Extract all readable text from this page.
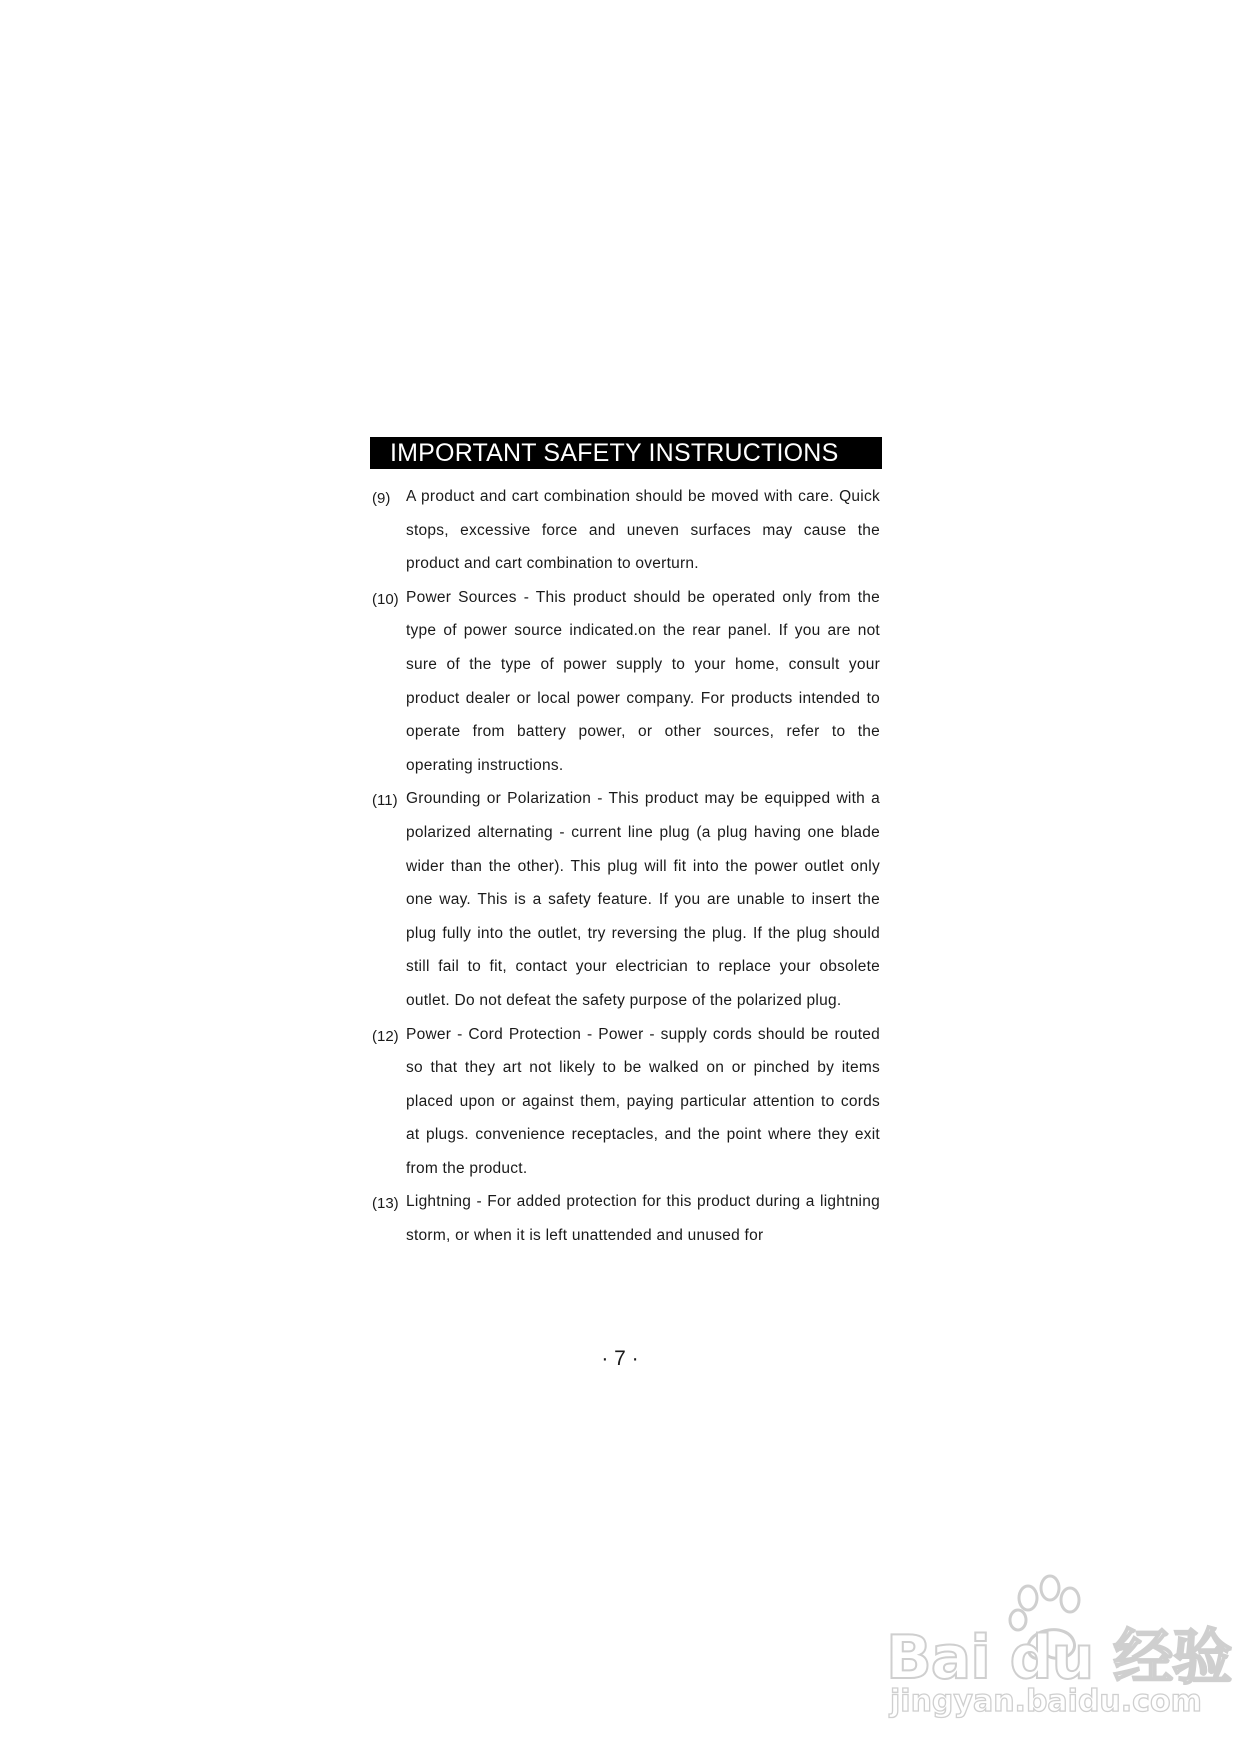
IMPORTANT SAFETY INSTRUCTIONS
(9)	A product and cart combination should be moved with care. Quick stops, excessive force and uneven surfaces may cause the product and cart combination to overturn.
(10) Power Sources - This product should be operated only from the type of power source indicated.on the rear panel. If you are not sure of the type of power supply to your home, consult your product dealer or local power company. For products intended to operate from battery power, or other sources, refer to the operating instructions.
(11) Grounding or Polarization - This product may be equipped with a polarized alternating - current line plug (a plug having one blade wider than the other). This plug will fit into the power outlet only one way. This is a safety feature. If you are unable to insert the plug fully into the outlet, try reversing the plug. If the plug should still fail to fit, contact your electrician to replace your obsolete outlet. Do not defeat the safety purpose of the polarized plug.
(12) Power - Cord Protection - Power - supply cords should be routed so that they art not likely to be walked on or pinched by items placed upon or against them, paying particular attention to cords at plugs. convenience receptacles, and the point where they exit from the product.
(13) Lightning - For added protection for this product during a lightning storm, or when it is left unattended and unused for
· 7 ·
Bai du 经验
jingyan.baidu.com
